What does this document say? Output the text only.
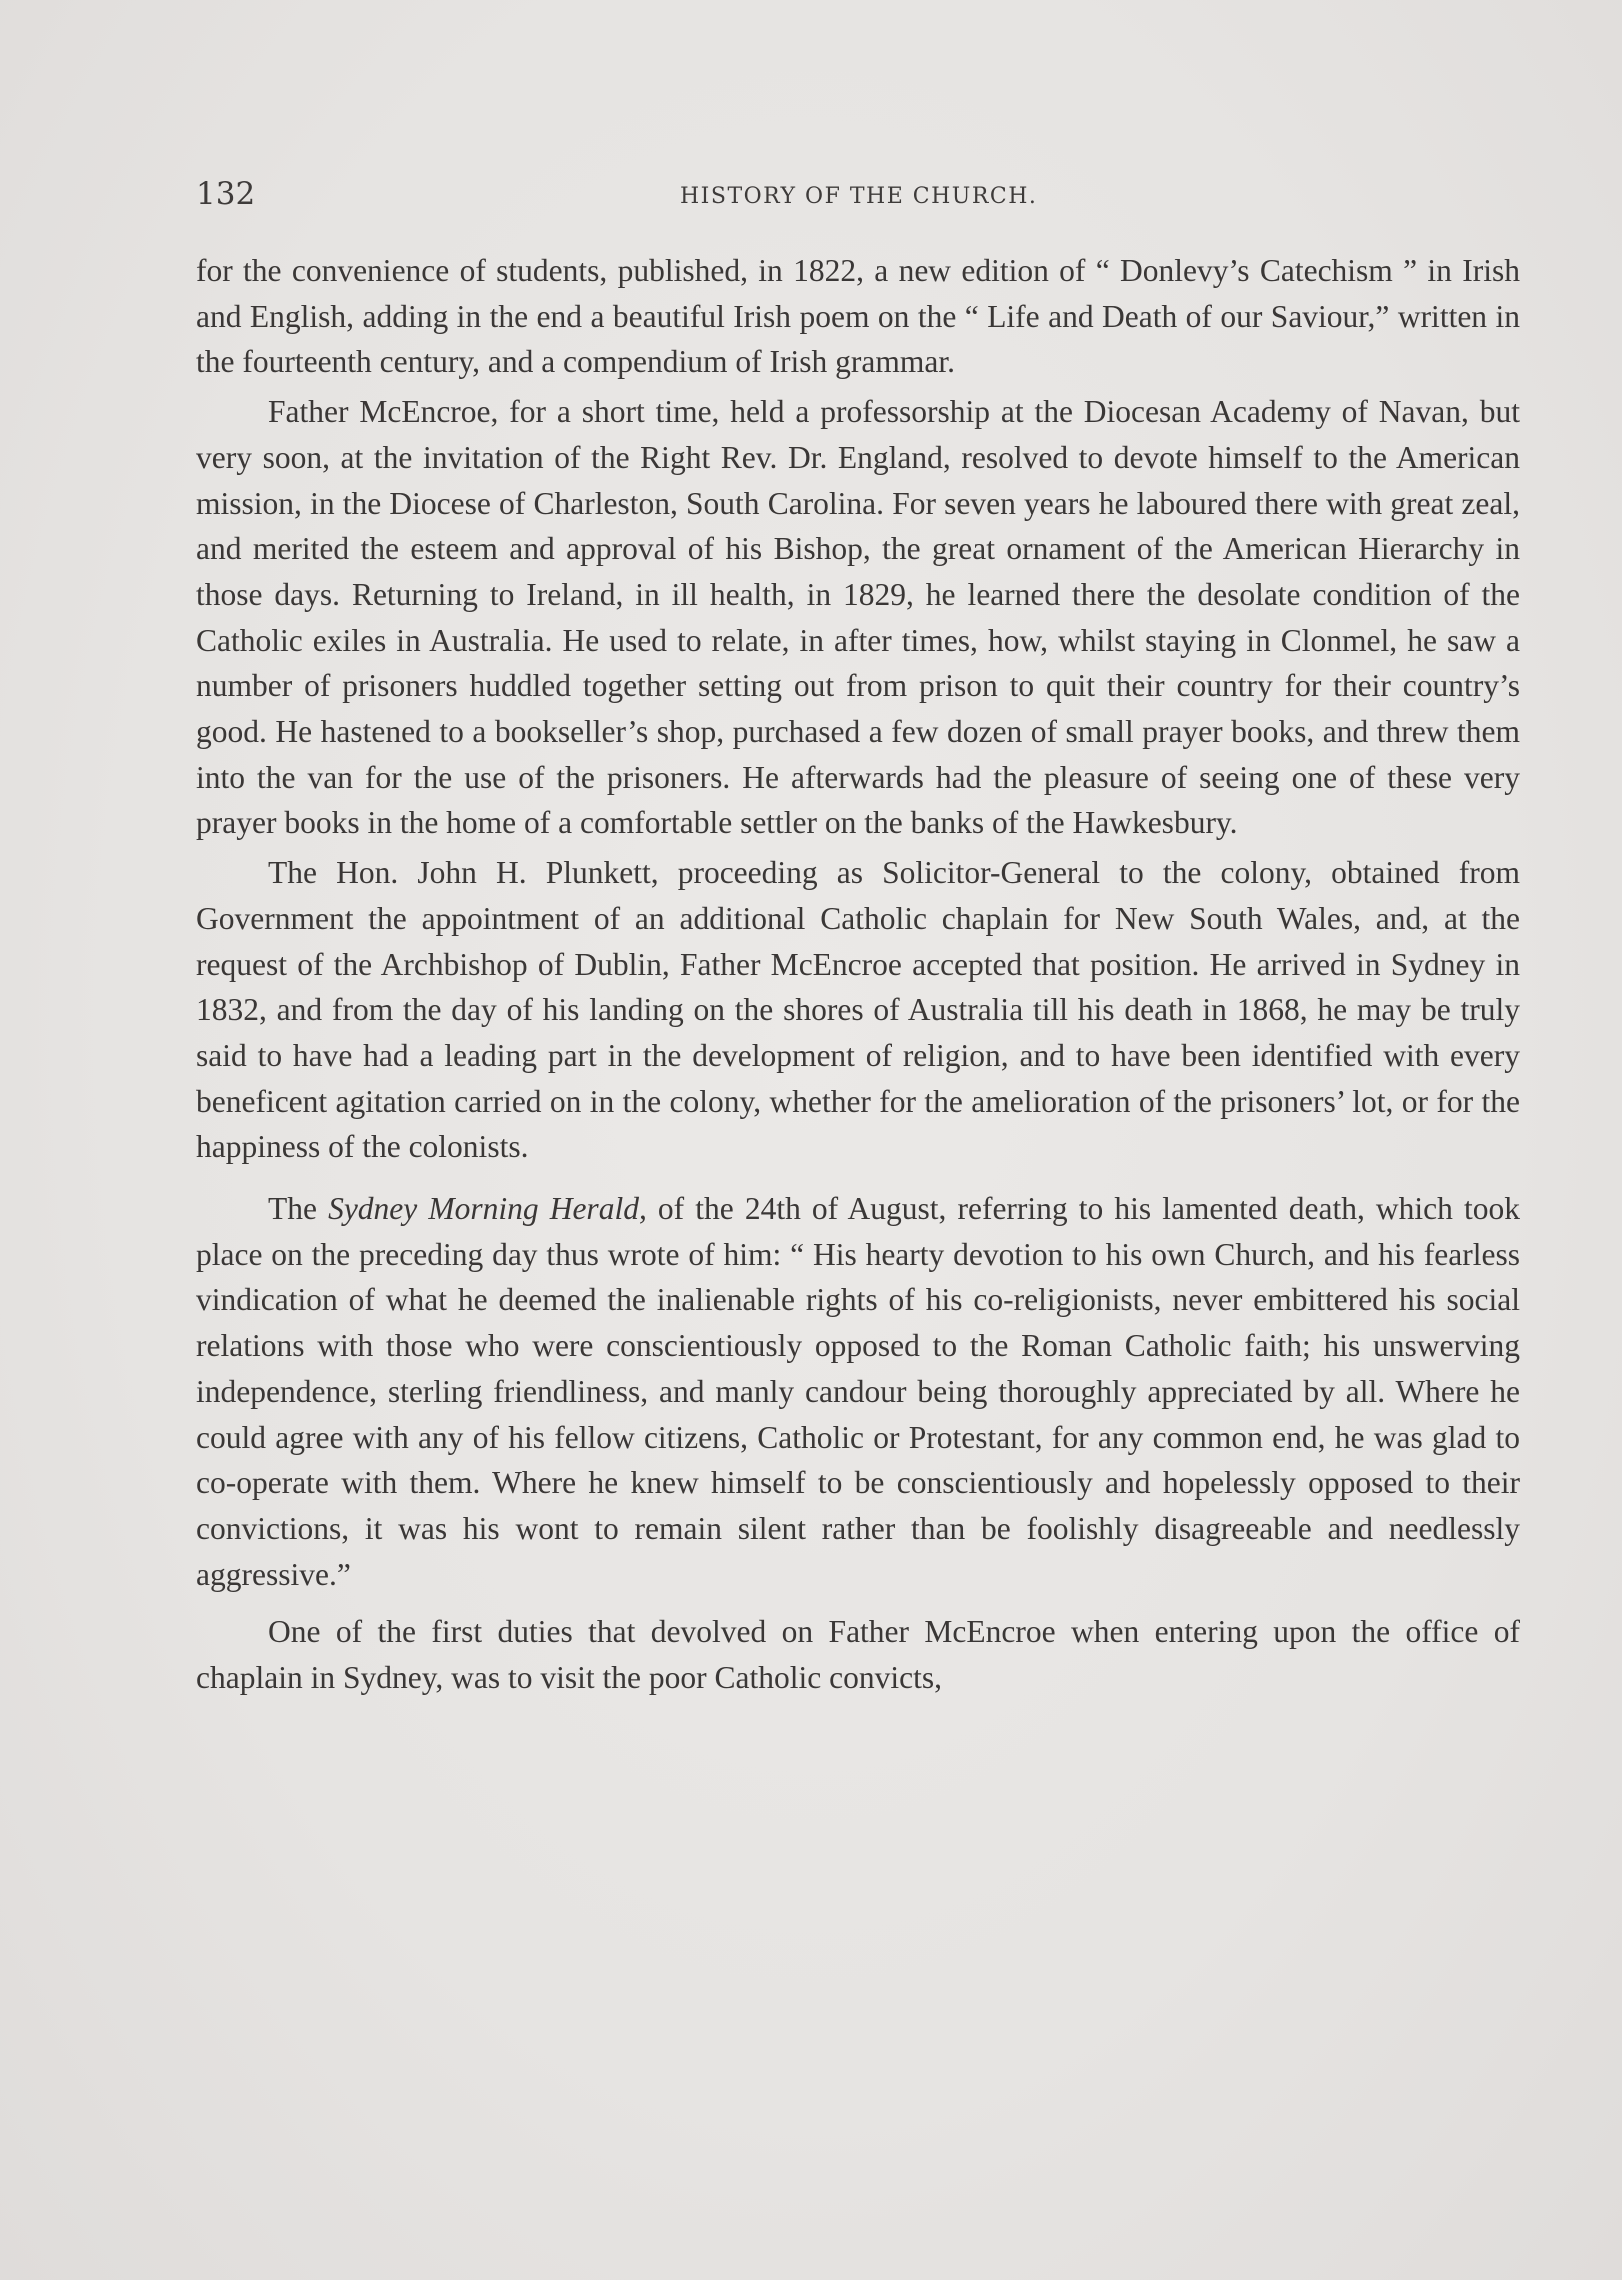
132	HISTORY OF THE CHURCH.

for the convenience of students, published, in 1822, a new edition of “ Donlevy’s Catechism ” in Irish and English, adding in the end a beautiful Irish poem on the “ Life and Death of our Saviour,” written in the fourteenth century, and a compendium of Irish grammar.

Father McEncroe, for a short time, held a professorship at the Diocesan Academy of Navan, but very soon, at the invitation of the Right Rev. Dr. England, resolved to devote himself to the American mission, in the Diocese of Charleston, South Carolina. For seven years he laboured there with great zeal, and merited the esteem and approval of his Bishop, the great ornament of the American Hierarchy in those days. Returning to Ireland, in ill health, in 1829, he learned there the desolate condition of the Catholic exiles in Australia. He used to relate, in after times, how, whilst staying in Clonmel, he saw a number of prisoners huddled together setting out from prison to quit their country for their country’s good. He hastened to a bookseller’s shop, purchased a few dozen of small prayer books, and threw them into the van for the use of the prisoners. He afterwards had the pleasure of seeing one of these very prayer books in the home of a comfortable settler on the banks of the Hawkesbury.

The Hon. John H. Plunkett, proceeding as Solicitor-General to the colony, obtained from Government the appointment of an additional Catholic chaplain for New South Wales, and, at the request of the Archbishop of Dublin, Father McEncroe accepted that position. He arrived in Sydney in 1832, and from the day of his landing on the shores of Australia till his death in 1868, he may be truly said to have had a leading part in the development of religion, and to have been identified with every beneficent agitation carried on in the colony, whether for the amelioration of the prisoners’ lot, or for the happiness of the colonists.

The Sydney Morning Herald, of the 24th of August, referring to his lamented death, which took place on the preceding day thus wrote of him: “ His hearty devotion to his own Church, and his fearless vindication of what he deemed the inalienable rights of his co-religionists, never embittered his social relations with those who were conscientiously opposed to the Roman Catholic faith; his unswerving independence, sterling friendliness, and manly candour being thoroughly appreciated by all. Where he could agree with any of his fellow citizens, Catholic or Protestant, for any common end, he was glad to co-operate with them. Where he knew himself to be conscientiously and hopelessly opposed to their convictions, it was his wont to remain silent rather than be foolishly disagreeable and needlessly aggressive.”

One of the first duties that devolved on Father McEncroe when entering upon the office of chaplain in Sydney, was to visit the poor Catholic convicts,
